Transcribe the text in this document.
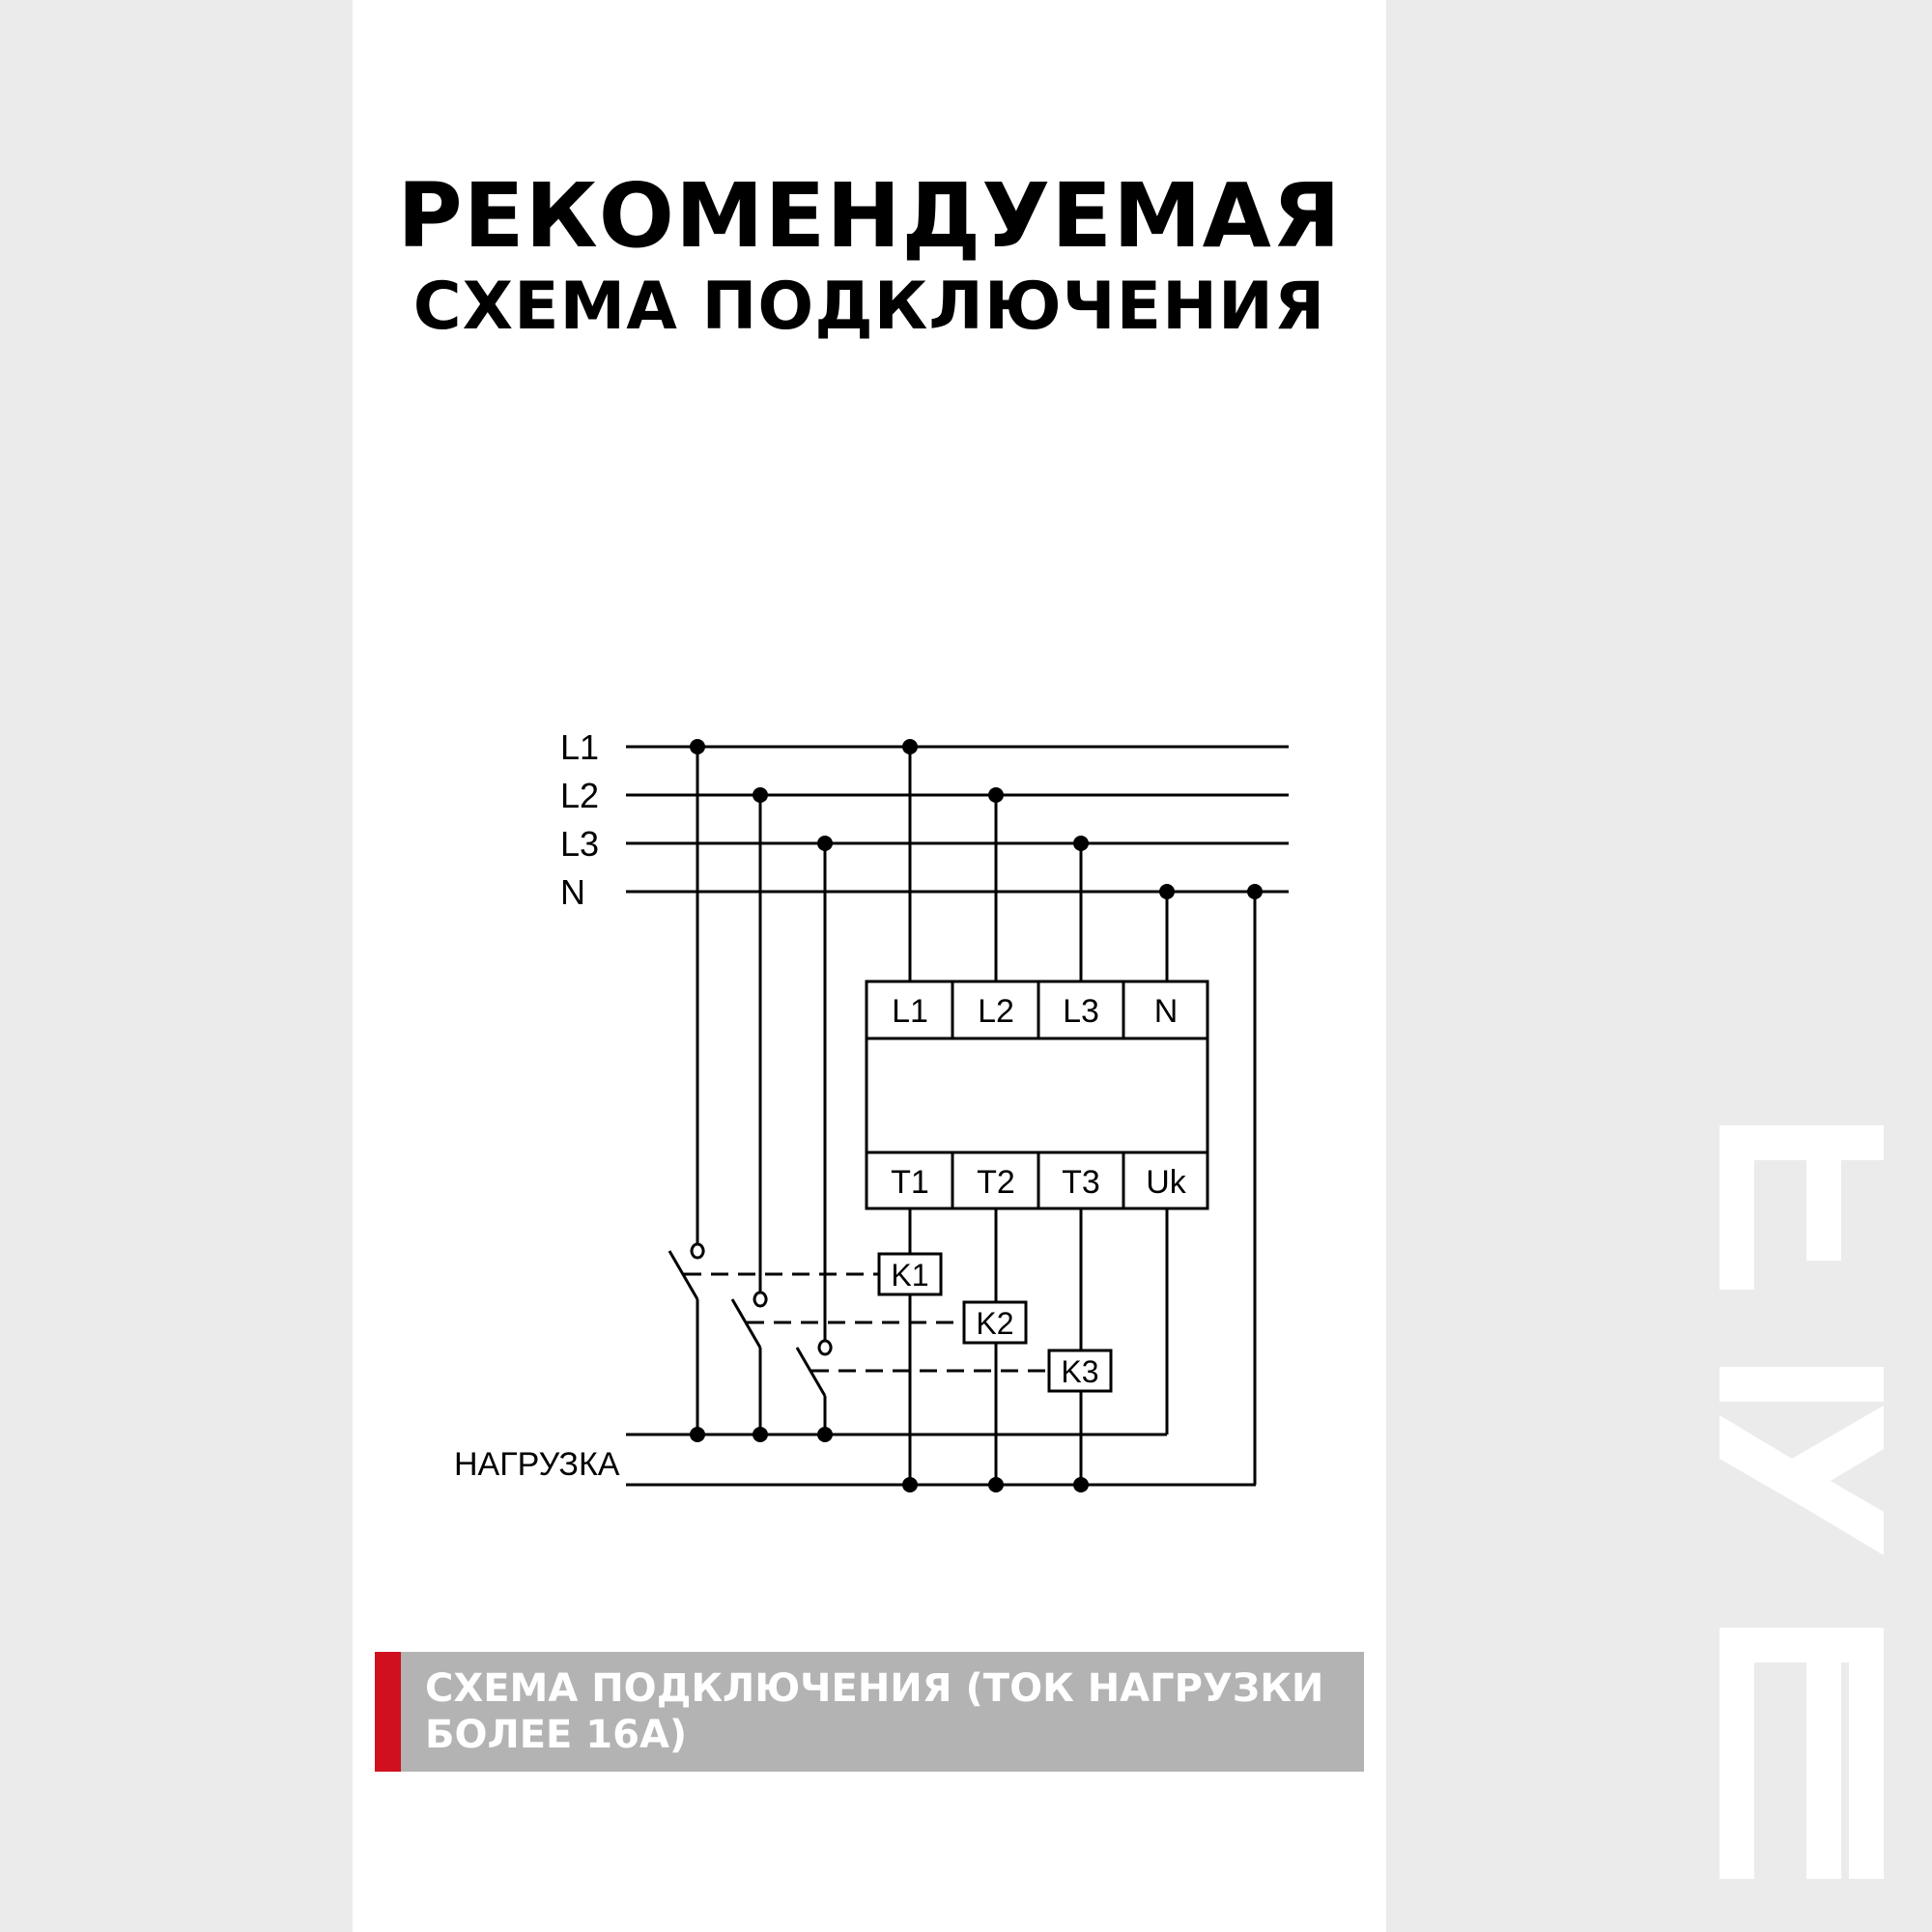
РЕКОМЕНДУЕМАЯ
СХЕМА ПОДКЛЮЧЕНИЯ
L1
L2
L3
N
L1 L2 L3 N
T1 T2 T3 Uk
K1
K2
K3
НАГРУЗКА
СХЕМА ПОДКЛЮЧЕНИЯ (ТОК НАГРУЗКИ БОЛЕЕ 16А)
